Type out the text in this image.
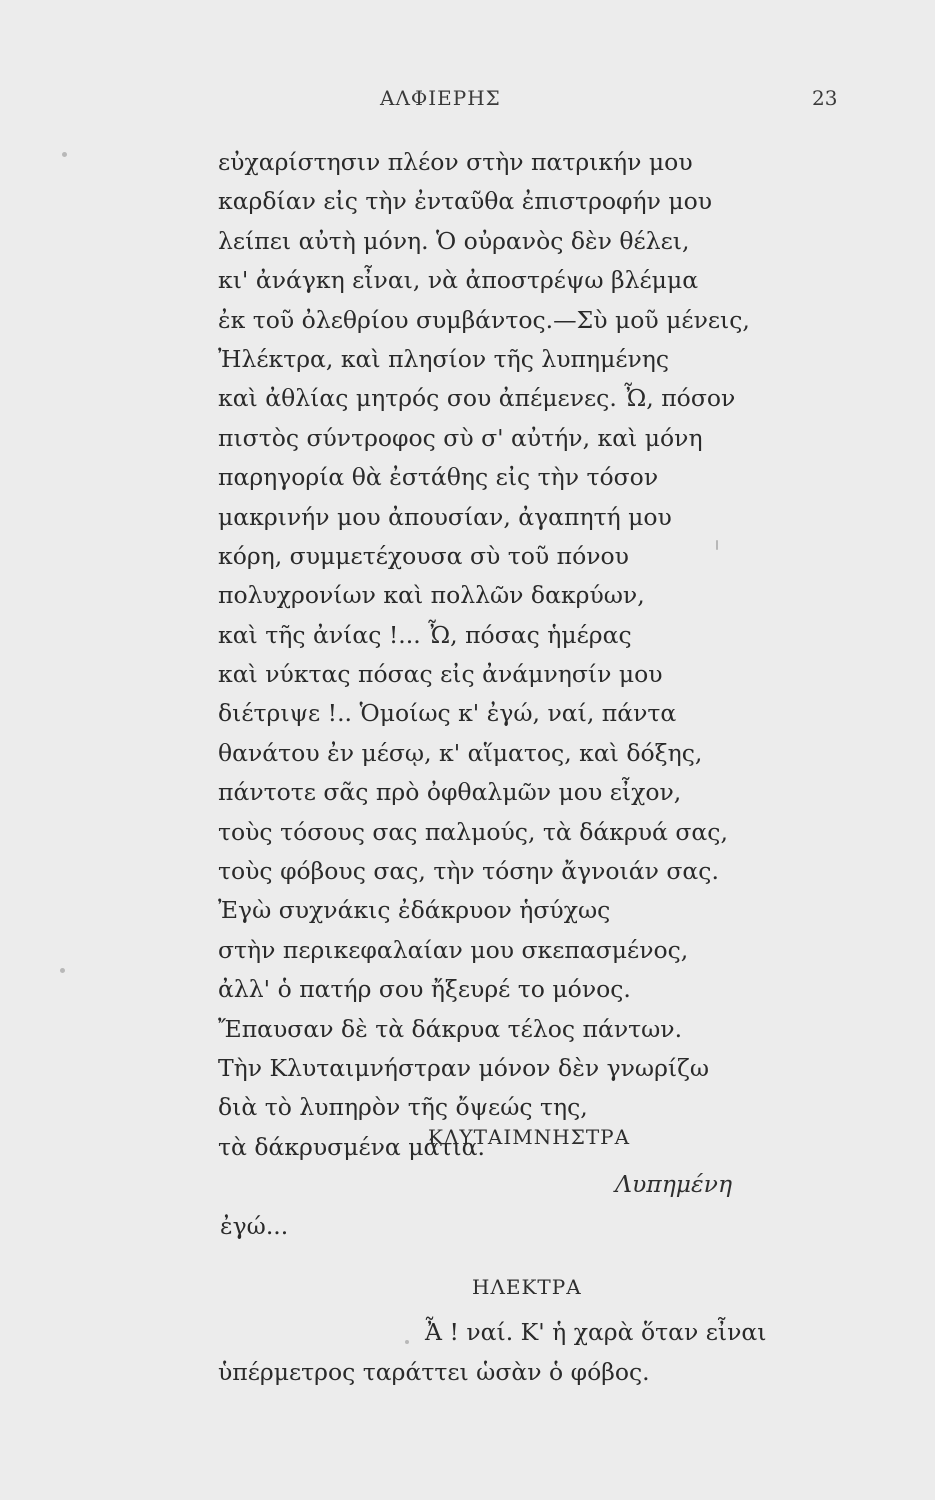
ΑΛΦΙΕΡΗΣ	23
εὐχαρίστησιν πλέον στὴν πατρικήν μου
καρδίαν εἰς τὴν ἐνταῦθα ἐπιστροφήν μου
λείπει αὐτὴ μόνη. Ὁ οὐρανὸς δὲν θέλει,
κι' ἀνάγκη εἶναι, νὰ ἀποστρέψω βλέμμα
ἐκ τοῦ ὀλεθρίου συμβάντος.—Σὺ μοῦ μένεις,
Ἠλέκτρα, καὶ πλησίον τῆς λυπημένης
καὶ ἀθλίας μητρός σου ἀπέμενες. Ὦ, πόσον
πιστὸς σύντροφος σὺ σ' αὐτήν, καὶ μόνη
παρηγορία θὰ ἐστάθης εἰς τὴν τόσον
μακρινήν μου ἀπουσίαν, ἀγαπητή μου
κόρη, συμμετέχουσα σὺ τοῦ πόνου
πολυχρονίων καὶ πολλῶν δακρύων,
καὶ τῆς ἀνίας !... Ὦ, πόσας ἡμέρας
καὶ νύκτας πόσας εἰς ἀνάμνησίν μου
διέτριψε !.. Ὁμοίως κ' ἐγώ, ναί, πάντα
θανάτου ἐν μέσῳ, κ' αἵματος, καὶ δόξης,
πάντοτε σᾶς πρὸ ὀφθαλμῶν μου εἶχον,
τοὺς τόσους σας παλμούς, τὰ δάκρυά σας,
τοὺς φόβους σας, τὴν τόσην ἄγνοιάν σας.
Ἐγὼ συχνάκις ἐδάκρυον ἡσύχως
στὴν περικεφαλαίαν μου σκεπασμένος,
ἀλλ' ὁ πατήρ σου ἤξευρέ το μόνος.
Ἔπαυσαν δὲ τὰ δάκρυα τέλος πάντων.
Τὴν Κλυταιμνήστραν μόνον δὲν γνωρίζω
διὰ τὸ λυπηρὸν τῆς ὄψεώς της,
τὰ δάκρυσμένα μάτια.
ΚΛΥΤΑΙΜΝΗΣΤΡΑ
Λυπημένη
ἐγώ...
ΗΛΕΚΤΡΑ
Ἆ ! ναί. Κ' ἡ χαρὰ ὅταν εἶναι
ὑπέρμετρος ταράττει ὡσὰν ὁ φόβος.
